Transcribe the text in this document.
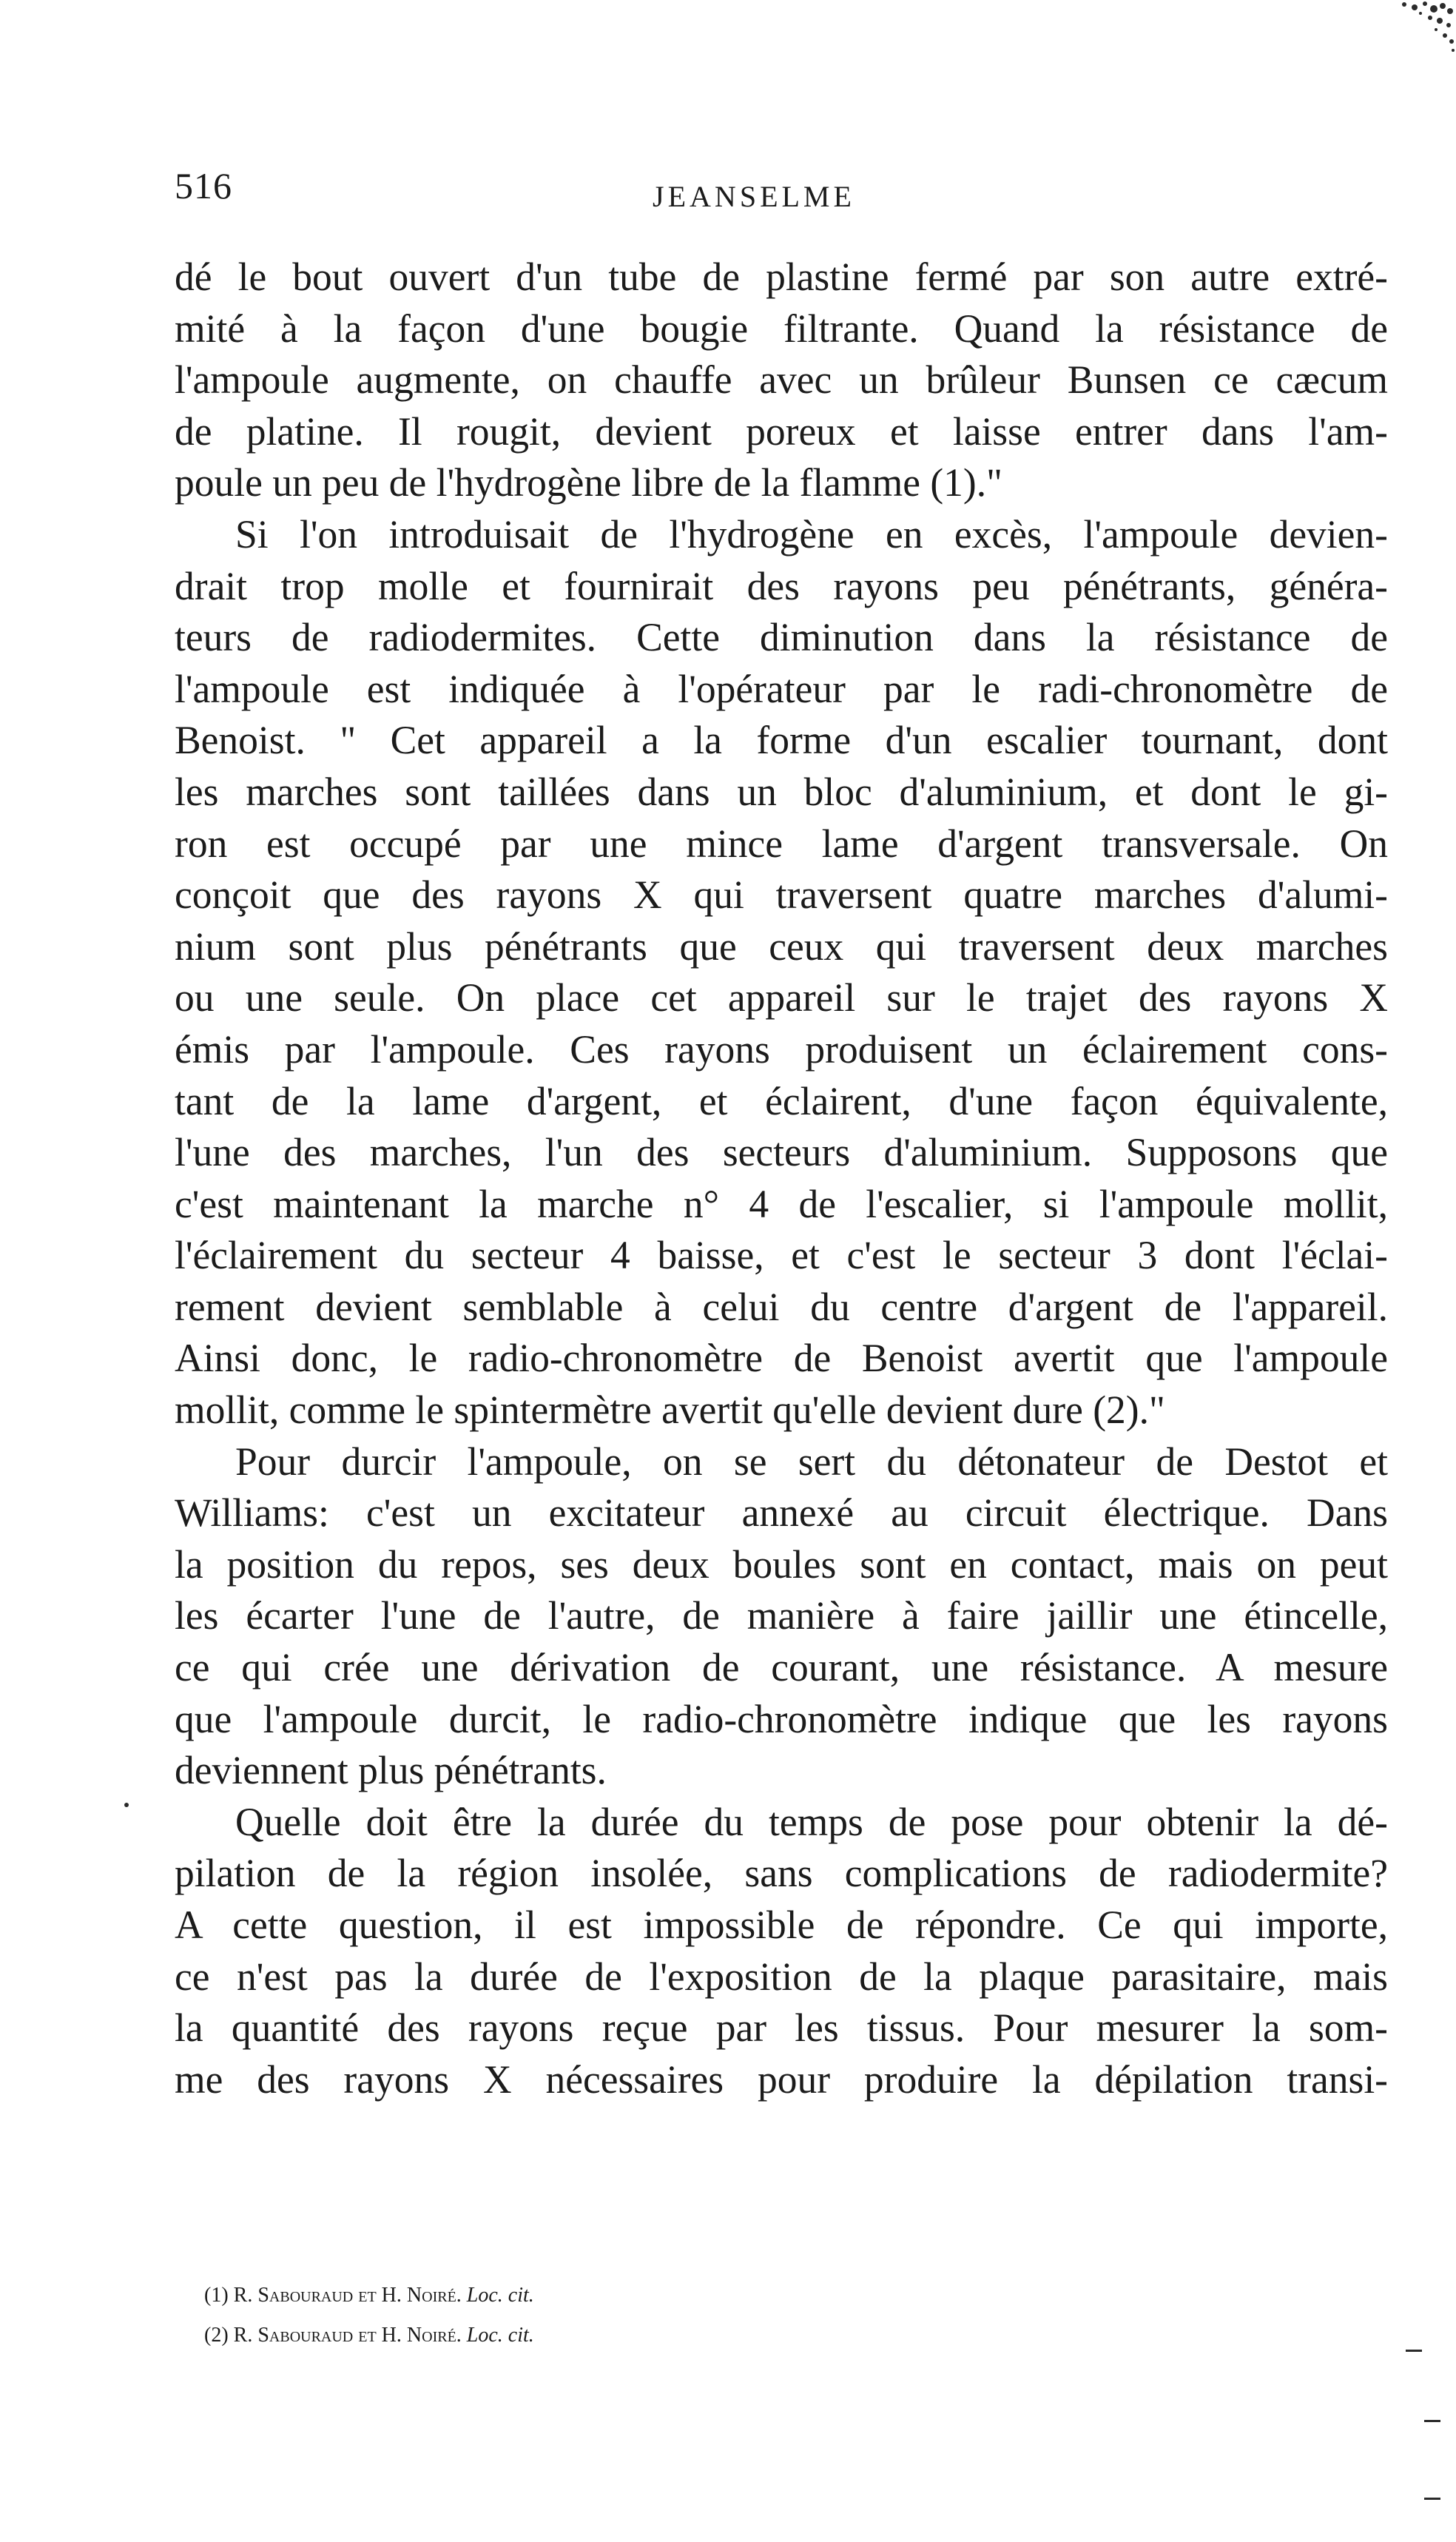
516	JEANSELME
dé le bout ouvert d'un tube de plastine fermé par son autre extré-
mité à la façon d'une bougie filtrante. Quand la résistance de
l'ampoule augmente, on chauffe avec un brûleur Bunsen ce cæcum
de platine. Il rougit, devient poreux et laisse entrer dans l'am-
poule un peu de l'hydrogène libre de la flamme (1)."
Si l'on introduisait de l'hydrogène en excès, l'ampoule devien-
drait trop molle et fournirait des rayons peu pénétrants, généra-
teurs de radiodermites. Cette diminution dans la résistance de
l'ampoule est indiquée à l'opérateur par le radi-chronomètre de
Benoist. " Cet appareil a la forme d'un escalier tournant, dont
les marches sont taillées dans un bloc d'aluminium, et dont le gi-
ron est occupé par une mince lame d'argent transversale. On
conçoit que des rayons X qui traversent quatre marches d'alumi-
nium sont plus pénétrants que ceux qui traversent deux marches
ou une seule. On place cet appareil sur le trajet des rayons X
émis par l'ampoule. Ces rayons produisent un éclairement cons-
tant de la lame d'argent, et éclairent, d'une façon équivalente,
l'une des marches, l'un des secteurs d'aluminium. Supposons que
c'est maintenant la marche n° 4 de l'escalier, si l'ampoule mollit,
l'éclairement du secteur 4 baisse, et c'est le secteur 3 dont l'éclai-
rement devient semblable à celui du centre d'argent de l'appareil.
Ainsi donc, le radio-chronomètre de Benoist avertit que l'ampoule
mollit, comme le spintermètre avertit qu'elle devient dure (2)."
Pour durcir l'ampoule, on se sert du détonateur de Destot et
Williams: c'est un excitateur annexé au circuit électrique. Dans
la position du repos, ses deux boules sont en contact, mais on peut
les écarter l'une de l'autre, de manière à faire jaillir une étincelle,
ce qui crée une dérivation de courant, une résistance. A mesure
que l'ampoule durcit, le radio-chronomètre indique que les rayons
deviennent plus pénétrants.
Quelle doit être la durée du temps de pose pour obtenir la dé-
pilation de la région insolée, sans complications de radiodermite?
A cette question, il est impossible de répondre. Ce qui importe,
ce n'est pas la durée de l'exposition de la plaque parasitaire, mais
la quantité des rayons reçue par les tissus. Pour mesurer la som-
me des rayons X nécessaires pour produire la dépilation transi-
(1) R. Sabouraud et H. Noiré. Loc. cit.
(2) R. Sabouraud et H. Noiré. Loc. cit.
